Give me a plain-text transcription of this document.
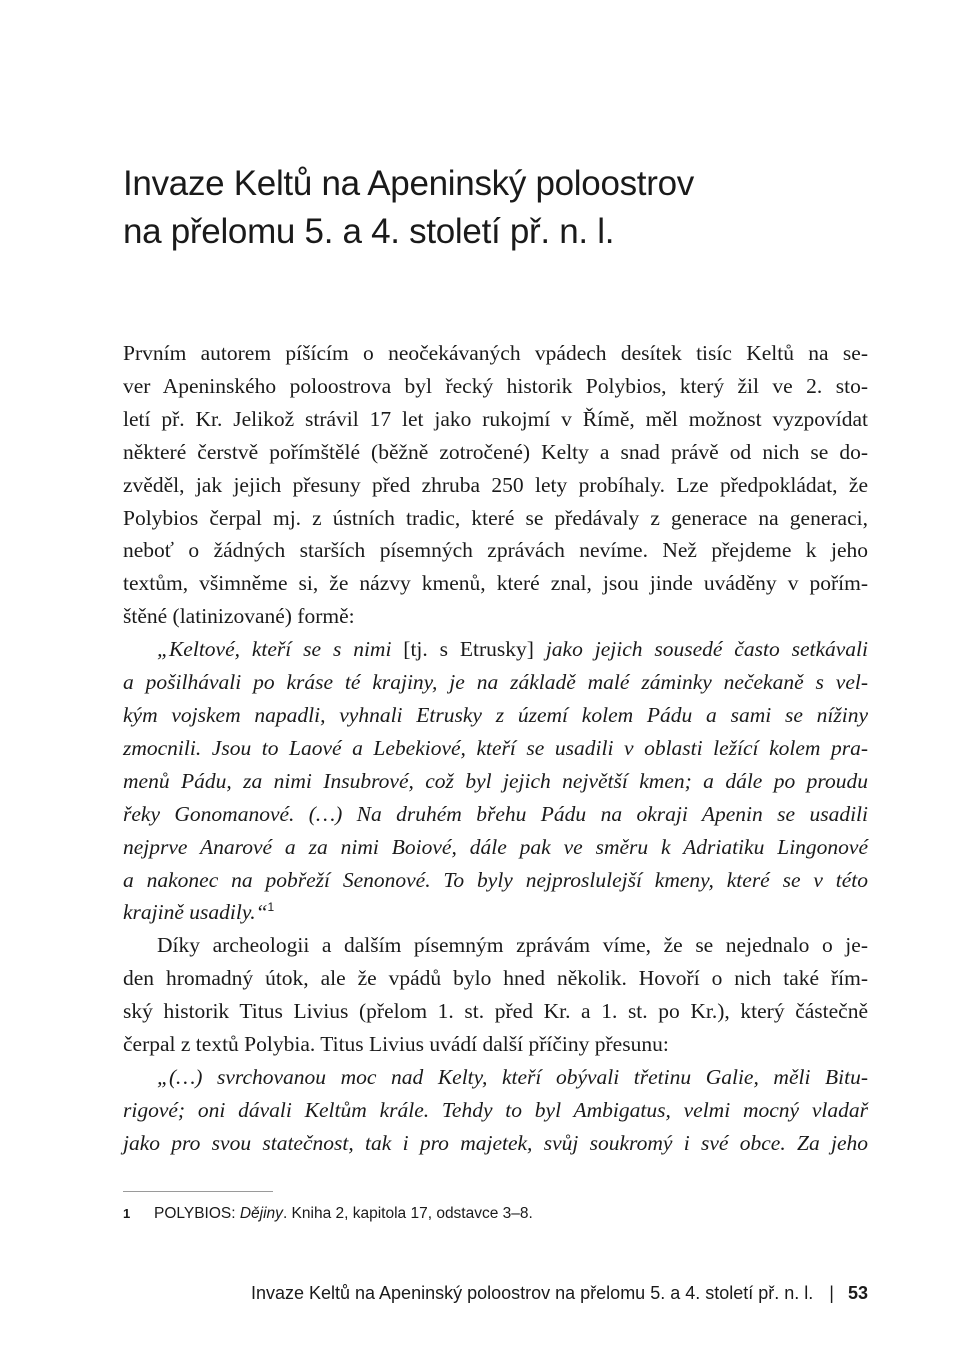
Invaze Keltů na Apeninský poloostrov
na přelomu 5. a 4. století př. n. l.
Prvním autorem píšícím o neočekávaných vpádech desítek tisíc Keltů na se-
ver Apeninského poloostrova byl řecký historik Polybios, který žil ve 2. sto-
letí př. Kr. Jelikož strávil 17 let jako rukojmí v Římě, měl možnost vyzpovídat
některé čerstvě pořímštělé (běžně zotročené) Kelty a snad právě od nich se do-
zvěděl, jak jejich přesuny před zhruba 250 lety probíhaly. Lze předpokládat, že
Polybios čerpal mj. z ústních tradic, které se předávaly z generace na generaci,
neboť o žádných starších písemných zprávách nevíme. Než přejdeme k jeho
textům, všimněme si, že názvy kmenů, které znal, jsou jinde uváděny v pořím-
štěné (latinizované) formě:
„Keltové, kteří se s nimi [tj. s Etrusky] jako jejich sousedé často setkávali
a pošilhávali po kráse té krajiny, je na základě malé záminky nečekaně s vel-
kým vojskem napadli, vyhnali Etrusky z území kolem Pádu a sami se nížiny
zmocnili. Jsou to Laové a Lebekiové, kteří se usadili v oblasti ležící kolem pra-
menů Pádu, za nimi Insubrové, což byl jejich největší kmen; a dále po proudu
řeky Gonomanové. (…) Na druhém břehu Pádu na okraji Apenin se usadili
nejprve Anarové a za nimi Boiové, dále pak ve směru k Adriatiku Lingonové
a nakonec na pobřeží Senonové. To byly nejproslulejší kmeny, které se v této
krajině usadily.“$^1$
Díky archeologii a dalším písemným zprávám víme, že se nejednalo o je-
den hromadný útok, ale že vpádů bylo hned několik. Hovoří o nich také řím-
ský historik Titus Livius (přelom 1. st. před Kr. a 1. st. po Kr.), který částečně
čerpal z textů Polybia. Titus Livius uvádí další příčiny přesunu:
„(…) svrchovanou moc nad Kelty, kteří obývali třetinu Galie, měli Bitu-
rigové; oni dávali Keltům krále. Tehdy to byl Ambigatus, velmi mocný vladař
jako pro svou statečnost, tak i pro majetek, svůj soukromý i své obce. Za jeho
1 POLYBIOS: Dějiny. Kniha 2, kapitola 17, odstavce 3–8.
Invaze Keltů na Apeninský poloostrov na přelomu 5. a 4. století př. n. l. | 53
